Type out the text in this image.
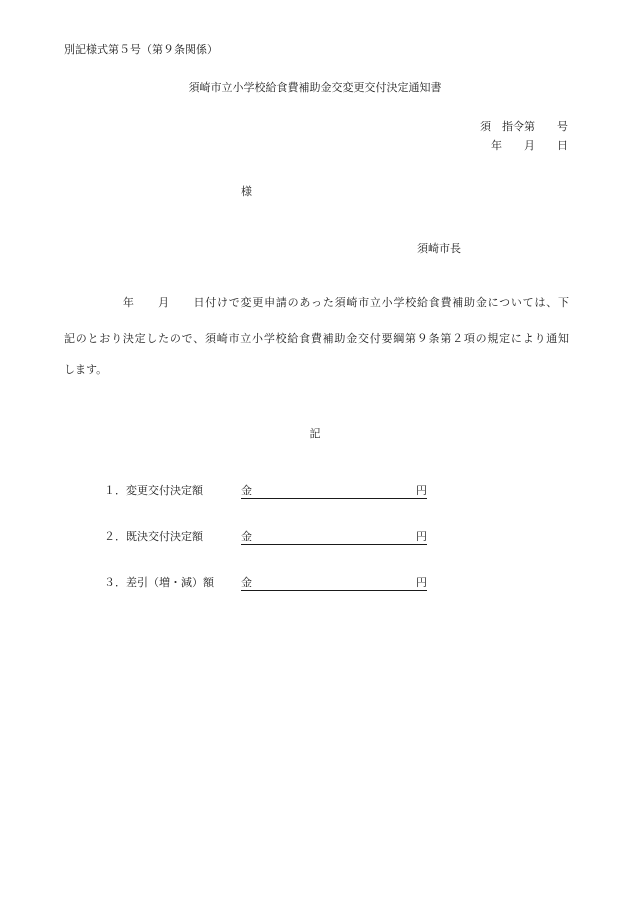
別記様式第５号（第９条関係）
須崎市立小学校給食費補助金交変更交付決定通知書
須　指令第　　号
年　　月　　日
様
須崎市長
　　　　　年　　月　　日付けで変更申請のあった須崎市立小学校給食費補助金については、下
記のとおり決定したので、須崎市立小学校給食費補助金交付要綱第９条第２項の規定により通知
します。
記
１．変更交付決定額	金	円
２．既決交付決定額	金	円
３．差引（増・減）額 金	円
